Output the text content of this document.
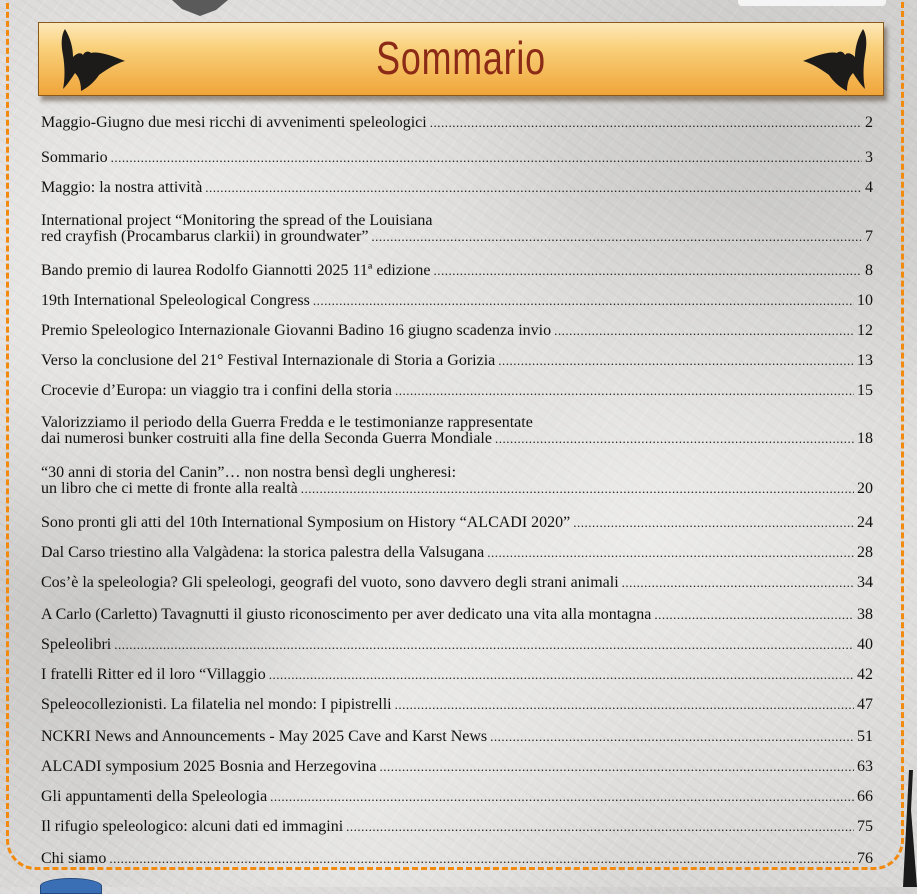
Sommario
Maggio-Giugno due mesi ricchi di avvenimenti speleologici .....	2
Sommario .....	3
Maggio: la nostra attività .....	4
International project “Monitoring the spread of the Louisiana
red crayfish (Procambarus clarkii) in groundwater” .....	7
Bando premio di laurea Rodolfo Giannotti 2025 11ª edizione .....	8
19th International Speleological Congress .....	10
Premio Speleologico Internazionale Giovanni Badino 16 giugno scadenza invio .....	12
Verso la conclusione del 21° Festival Internazionale di Storia a Gorizia .....	13
Crocevie d’Europa: un viaggio tra i confini della storia .....	15
Valorizziamo il periodo della Guerra Fredda e le testimonianze rappresentate
dai numerosi bunker costruiti alla fine della Seconda Guerra Mondiale .....	18
“30 anni di storia del Canin”… non nostra bensì degli ungheresi:
un libro che ci mette di fronte alla realtà .....	20
Sono pronti gli atti del 10th International Symposium on History “ALCADI 2020” .....	24
Dal Carso triestino alla Valgàdena: la storica palestra della Valsugana .....	28
Cos’è la speleologia? Gli speleologi, geografi del vuoto, sono davvero degli strani animali .....	34
A Carlo (Carletto) Tavagnutti il giusto riconoscimento per aver dedicato una vita alla montagna .....	38
Speleolibri .....	40
I fratelli Ritter ed il loro “Villaggio .....	42
Speleocollezionisti. La filatelia nel mondo: I pipistrelli .....	47
NCKRI News and Announcements - May 2025 Cave and Karst News .....	51
ALCADI symposium 2025 Bosnia and Herzegovina .....	63
Gli appuntamenti della Speleologia .....	66
Il rifugio speleologico: alcuni dati ed immagini .....	75
Chi siamo .....	76
